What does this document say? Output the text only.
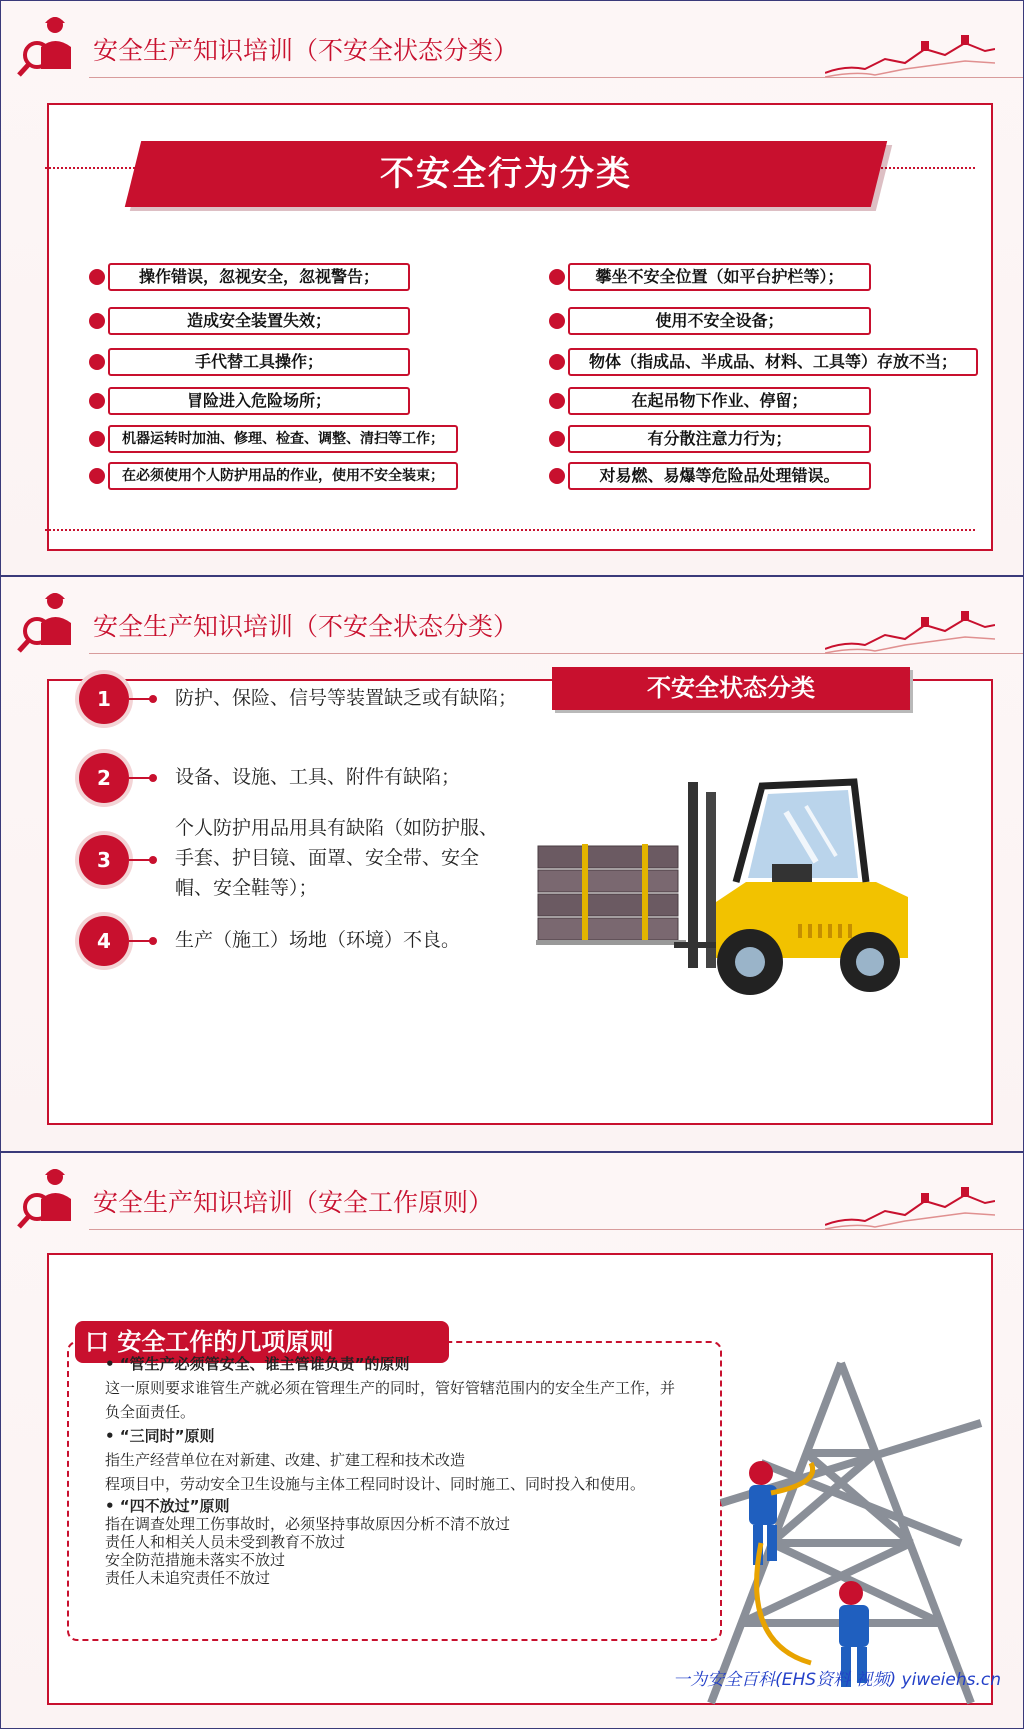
安全生产知识培训（不安全状态分类）
不安全行为分类
操作错误，忽视安全，忽视警告；
造成安全装置失效；
手代替工具操作；
冒险进入危险场所；
机器运转时加油、修理、检查、调整、清扫等工作；
在必须使用个人防护用品的作业，使用不安全装束；
攀坐不安全位置（如平台护栏等）；
使用不安全设备；
物体（指成品、半成品、材料、工具等）存放不当；
在起吊物下作业、停留；
有分散注意力行为；
对易燃、易爆等危险品处理错误。
安全生产知识培训（不安全状态分类）
1	防护、保险、信号等装置缺乏或有缺陷；
2	设备、设施、工具、附件有缺陷；
3
个人防护用品用具有缺陷（如防护服、
手套、护目镜、面罩、安全带、安全
帽、安全鞋等）；
4	生产（施工）场地（环境）不良。
不安全状态分类
安全生产知识培训（安全工作原则）
口 安全工作的几项原则
• “管生产必须管安全、谁主管谁负责”的原则
这一原则要求谁管生产就必须在管理生产的同时，管好管辖范围内的安全生产工作，并
负全面责任。
• “三同时”原则
指生产经营单位在对新建、改建、扩建工程和技术改造
程项目中，劳动安全卫生设施与主体工程同时设计、同时施工、同时投入和使用。
• “四不放过”原则
指在调查处理工伤事故时，必须坚持事故原因分析不清不放过
责任人和相关人员未受到教育不放过
安全防范措施未落实不放过
责任人未追究责任不放过
一为安全百科(EHS资料 视频) yiweiehs.cn
